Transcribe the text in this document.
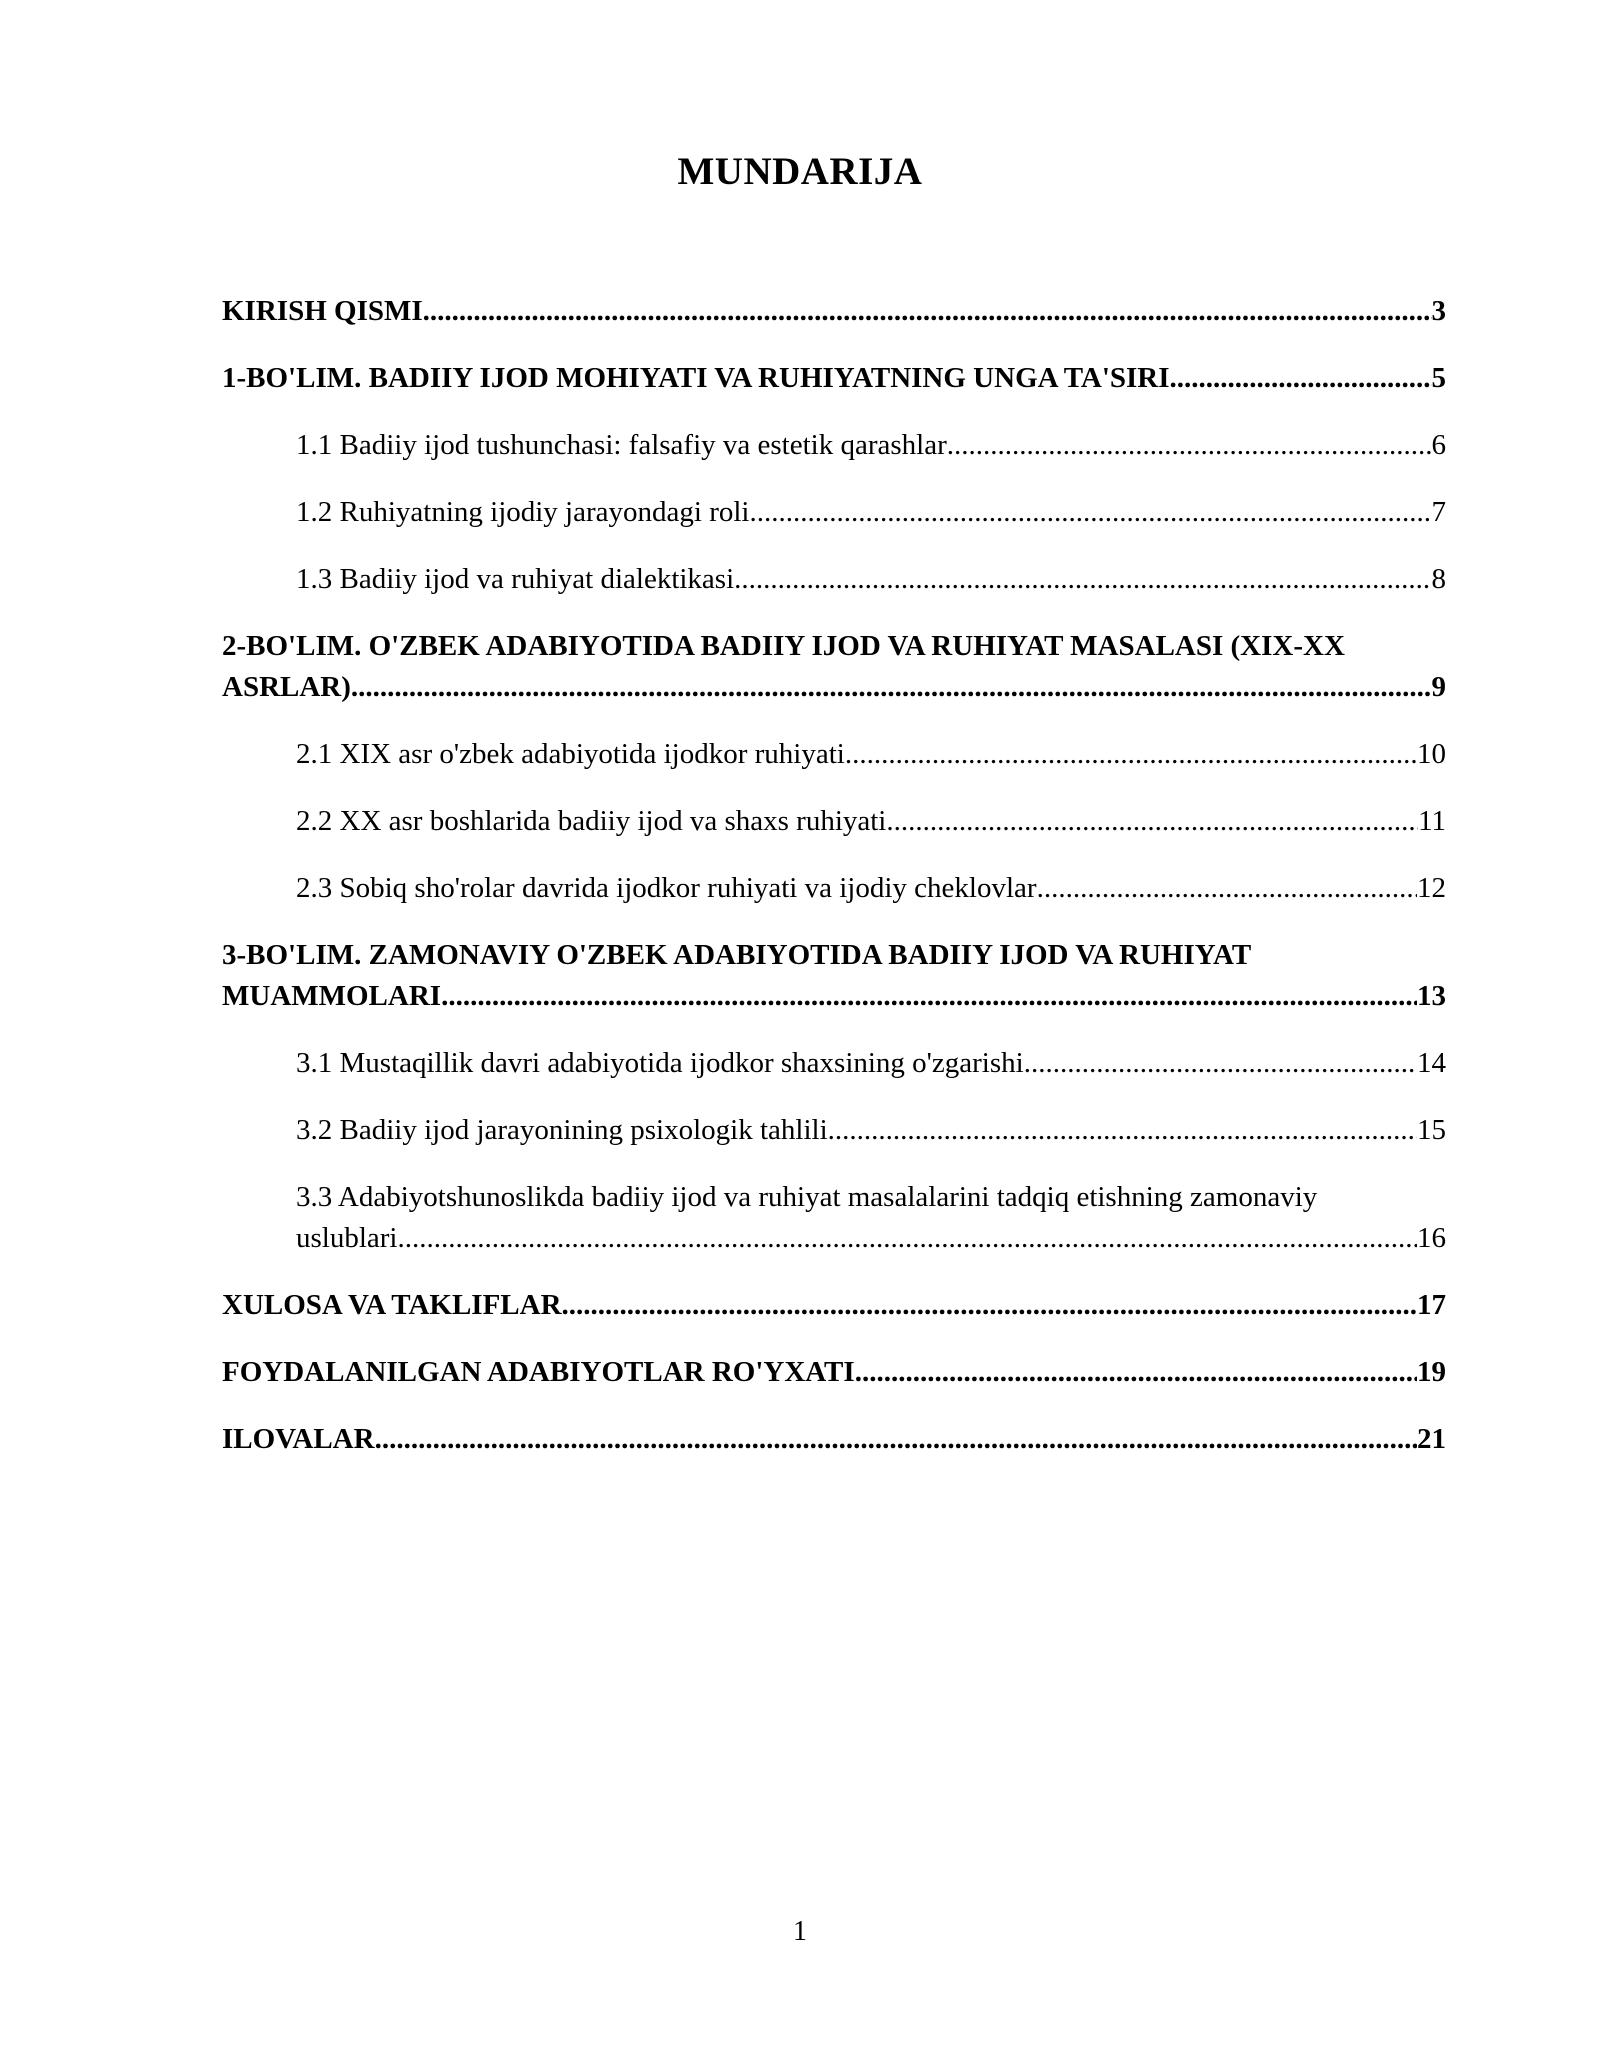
MUNDARIJA
KIRISH QISMI .....	3
1-BO'LIM. BADIIY IJOD MOHIYATI VA RUHIYATNING UNGA TA'SIRI .....	5
1.1 Badiiy ijod tushunchasi: falsafiy va estetik qarashlar .....	6
1.2 Ruhiyatning ijodiy jarayondagi roli .....	7
1.3 Badiiy ijod va ruhiyat dialektikasi .....	8
2-BO'LIM. O'ZBEK ADABIYOTIDA BADIIY IJOD VA RUHIYAT MASALASI (XIX-XX
ASRLAR) .....	9
2.1 XIX asr o'zbek adabiyotida ijodkor ruhiyati .....	10
2.2 XX asr boshlarida badiiy ijod va shaxs ruhiyati .....	11
2.3 Sobiq sho'rolar davrida ijodkor ruhiyati va ijodiy cheklovlar .....	12
3-BO'LIM. ZAMONAVIY O'ZBEK ADABIYOTIDA BADIIY IJOD VA RUHIYAT
MUAMMOLARI .....	13
3.1 Mustaqillik davri adabiyotida ijodkor shaxsining o'zgarishi .....	14
3.2 Badiiy ijod jarayonining psixologik tahlili .....	15
3.3 Adabiyotshunoslikda badiiy ijod va ruhiyat masalalarini tadqiq etishning zamonaviy
uslublari .....	16
XULOSA VA TAKLIFLAR .....	17
FOYDALANILGAN ADABIYOTLAR RO'YXATI .....	19
ILOVALAR .....	21
1
